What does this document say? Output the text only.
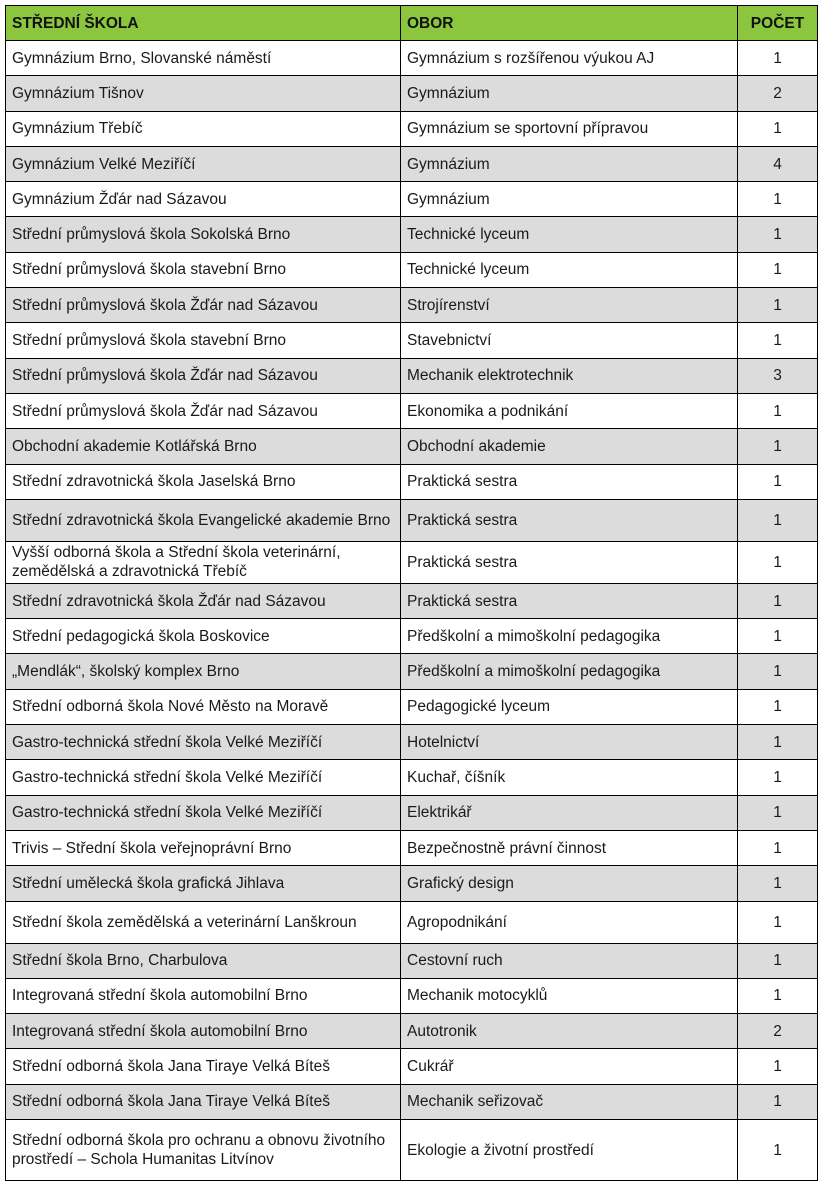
STŘEDNÍ ŠKOLA	OBOR	POČET
Gymnázium Brno, Slovanské náměstí	Gymnázium s rozšířenou výukou AJ	1
Gymnázium Tišnov	Gymnázium	2
Gymnázium Třebíč	Gymnázium se sportovní přípravou	1
Gymnázium Velké Meziříčí	Gymnázium	4
Gymnázium Žďár nad Sázavou	Gymnázium	1
Střední průmyslová škola Sokolská Brno	Technické lyceum	1
Střední průmyslová škola stavební Brno	Technické lyceum	1
Střední průmyslová škola Žďár nad Sázavou	Strojírenství	1
Střední průmyslová škola stavební Brno	Stavebnictví	1
Střední průmyslová škola Žďár nad Sázavou	Mechanik elektrotechnik	3
Střední průmyslová škola Žďár nad Sázavou	Ekonomika a podnikání	1
Obchodní akademie Kotlářská Brno	Obchodní akademie	1
Střední zdravotnická škola Jaselská Brno	Praktická sestra	1
Střední zdravotnická škola Evangelické akademie Brno	Praktická sestra	1
Vyšší odborná škola a Střední škola veterinární, zemědělská a zdravotnická Třebíč	Praktická sestra	1
Střední zdravotnická škola Žďár nad Sázavou	Praktická sestra	1
Střední pedagogická škola Boskovice	Předškolní a mimoškolní pedagogika	1
„Mendlák“, školský komplex Brno	Předškolní a mimoškolní pedagogika	1
Střední odborná škola Nové Město na Moravě	Pedagogické lyceum	1
Gastro-technická střední škola Velké Meziříčí	Hotelnictví	1
Gastro-technická střední škola Velké Meziříčí	Kuchař, číšník	1
Gastro-technická střední škola Velké Meziříčí	Elektrikář	1
Trivis – Střední škola veřejnoprávní Brno	Bezpečnostně právní činnost	1
Střední umělecká škola grafická Jihlava	Grafický design	1
Střední škola zemědělská a veterinární Lanškroun	Agropodnikání	1
Střední škola Brno, Charbulova	Cestovní ruch	1
Integrovaná střední škola automobilní Brno	Mechanik motocyklů	1
Integrovaná střední škola automobilní Brno	Autotronik	2
Střední odborná škola Jana Tiraye Velká Bíteš	Cukrář	1
Střední odborná škola Jana Tiraye Velká Bíteš	Mechanik seřizovač	1
Střední odborná škola pro ochranu a obnovu životního prostředí – Schola Humanitas Litvínov	Ekologie a životní prostředí	1
